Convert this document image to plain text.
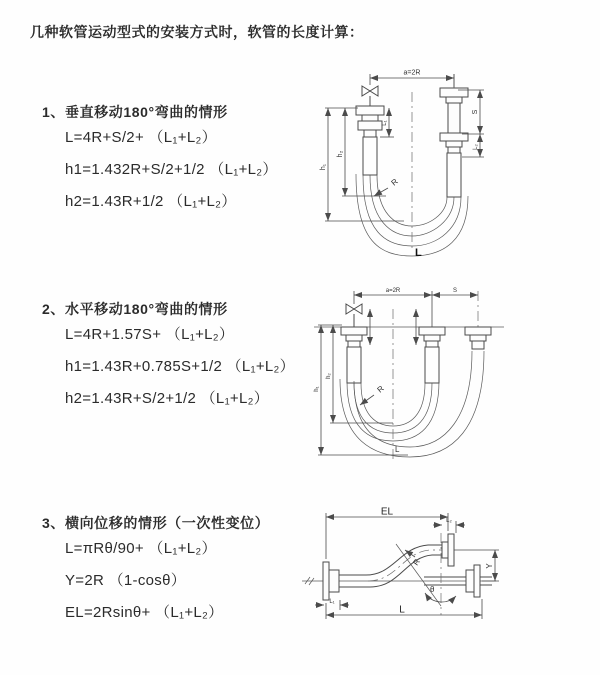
几种软管运动型式的安装方式时，软管的长度计算：
1、垂直移动180°弯曲的情形
L=4R+S/2+ （L₁+L₂）
h1=1.432R+S/2+1/2 （L₁+L₂）
h2=1.43R+1/2 （L₁+L₂）
a=2R
h₁
h₂
L₁
S
L₂
R
L
2、水平移动180°弯曲的情形
L=4R+1.57S+ （L₁+L₂）
h1=1.43R+0.785S+1/2 （L₁+L₂）
h2=1.43R+S/2+1/2 （L₁+L₂）
a=2R	S
h₁
h₂
R
L
3、横向位移的情形（一次性变位）
L=πRθ/90+ （L₁+L₂）
Y=2R （1-cosθ）
EL=2Rsinθ+ （L₁+L₂）
θ
R
EL
L₂
Y
L₁
L
